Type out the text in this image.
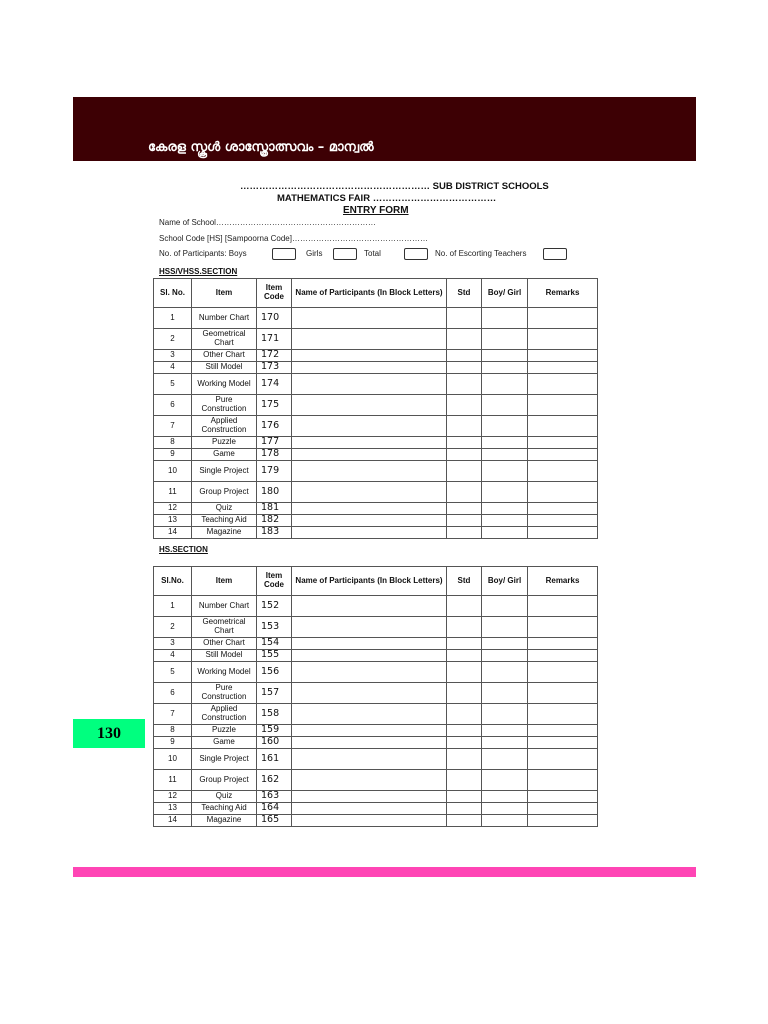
കേരള സ്കൂൾ ശാസ്ത്രോത്സവം – മാന്വൽ
…………………………………………………… SUB DISTRICT SCHOOLS
MATHEMATICS FAIR …………………………………
ENTRY FORM
Name of School……………………………………………………
School Code [HS] [Sampoorna Code]……………………………………………
No. of Participants: Boys	Girls	Total	No. of Escorting Teachers
HSS/VHSS.SECTION
Sl. No.	Item	Item Code	Name of Participants (In Block Letters)	Std	Boy/ Girl	Remarks
1	Number Chart	170				
2	Geometrical Chart	171				
3	Other Chart	172				
4	Still Model	173				
5	Working Model	174				
6	Pure Construction	175				
7	Applied Construction	176				
8	Puzzle	177				
9	Game	178				
10	Single Project	179				
11	Group Project	180				
12	Quiz	181				
13	Teaching Aid	182				
14	Magazine	183				
HS.SECTION
Sl.No.	Item	Item Code	Name of Participants (In Block Letters)	Std	Boy/ Girl	Remarks
1	Number Chart	152				
2	Geometrical Chart	153				
3	Other Chart	154				
4	Still Model	155				
5	Working Model	156				
6	Pure Construction	157				
7	Applied Construction	158				
8	Puzzle	159				
9	Game	160				
10	Single Project	161				
11	Group Project	162				
12	Quiz	163				
13	Teaching Aid	164				
14	Magazine	165				
130
